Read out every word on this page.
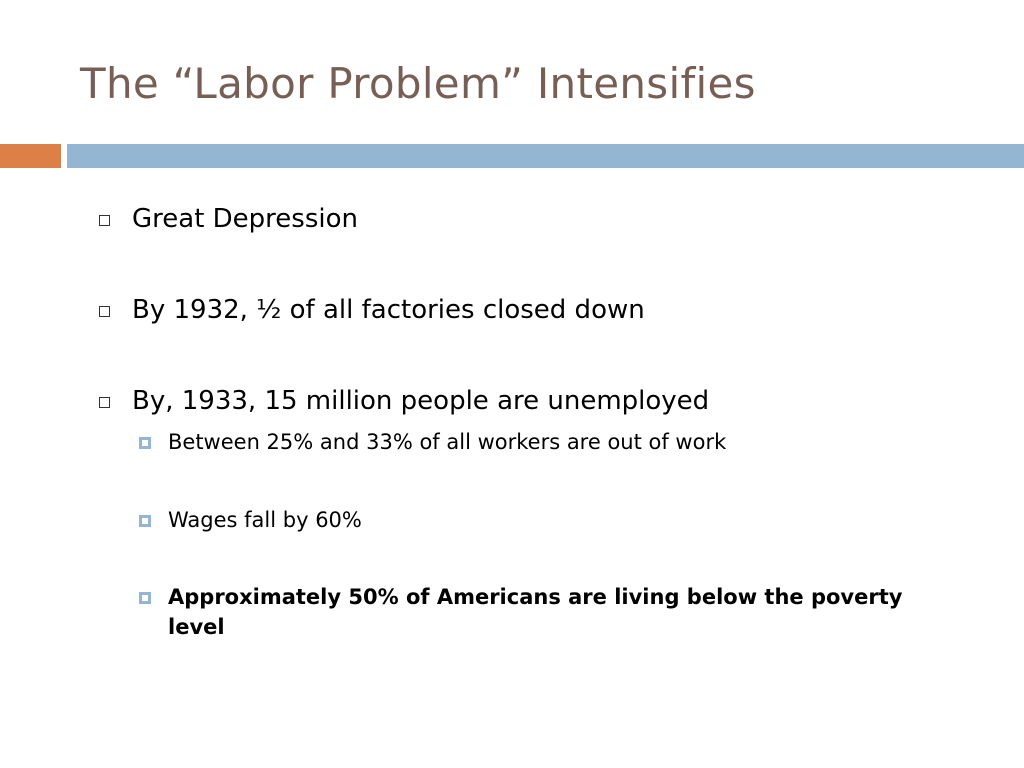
The “Labor Problem” Intensifies
Great Depression
By 1932, ½ of all factories closed down
By, 1933, 15 million people are unemployed
Between 25% and 33% of all workers are out of work
Wages fall by 60%
Approximately 50% of Americans are living below the poverty level
